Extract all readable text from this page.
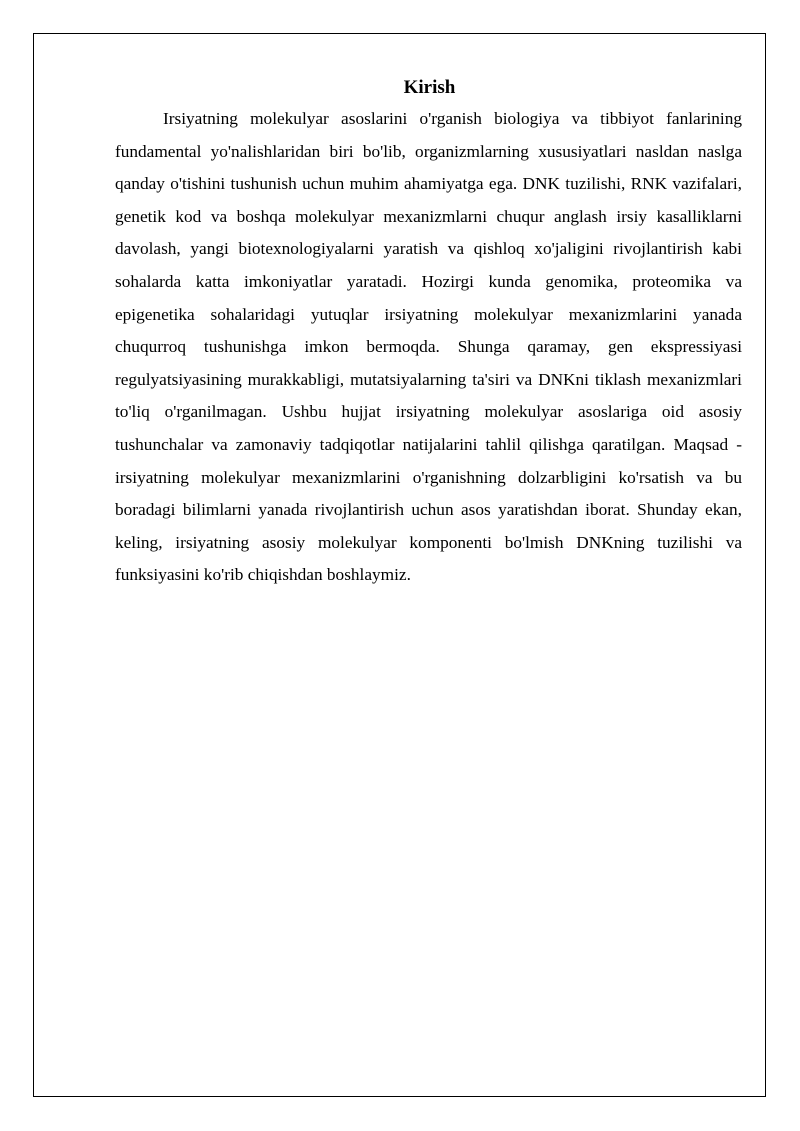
Kirish

Irsiyatning molekulyar asoslarini o'rganish biologiya va tibbiyot fanlarining fundamental yo'nalishlaridan biri bo'lib, organizmlarning xususiyatlari nasldan naslga qanday o'tishini tushunish uchun muhim ahamiyatga ega. DNK tuzilishi, RNK vazifalari, genetik kod va boshqa molekulyar mexanizmlarni chuqur anglash irsiy kasalliklarni davolash, yangi biotexnologiyalarni yaratish va qishloq xo'jaligini rivojlantirish kabi sohalarda katta imkoniyatlar yaratadi. Hozirgi kunda genomika, proteomika va epigenetika sohalaridagi yutuqlar irsiyatning molekulyar mexanizmlarini yanada chuqurroq tushunishga imkon bermoqda. Shunga qaramay, gen ekspressiyasi regulyatsiyasining murakkabligi, mutatsiyalarning ta'siri va DNKni tiklash mexanizmlari to'liq o'rganilmagan. Ushbu hujjat irsiyatning molekulyar asoslariga oid asosiy tushunchalar va zamonaviy tadqiqotlar natijalarini tahlil qilishga qaratilgan. Maqsad - irsiyatning molekulyar mexanizmlarini o'rganishning dolzarbligini ko'rsatish va bu boradagi bilimlarni yanada rivojlantirish uchun asos yaratishdan iborat. Shunday ekan, keling, irsiyatning asosiy molekulyar komponenti bo'lmish DNKning tuzilishi va funksiyasini ko'rib chiqishdan boshlaymiz.
